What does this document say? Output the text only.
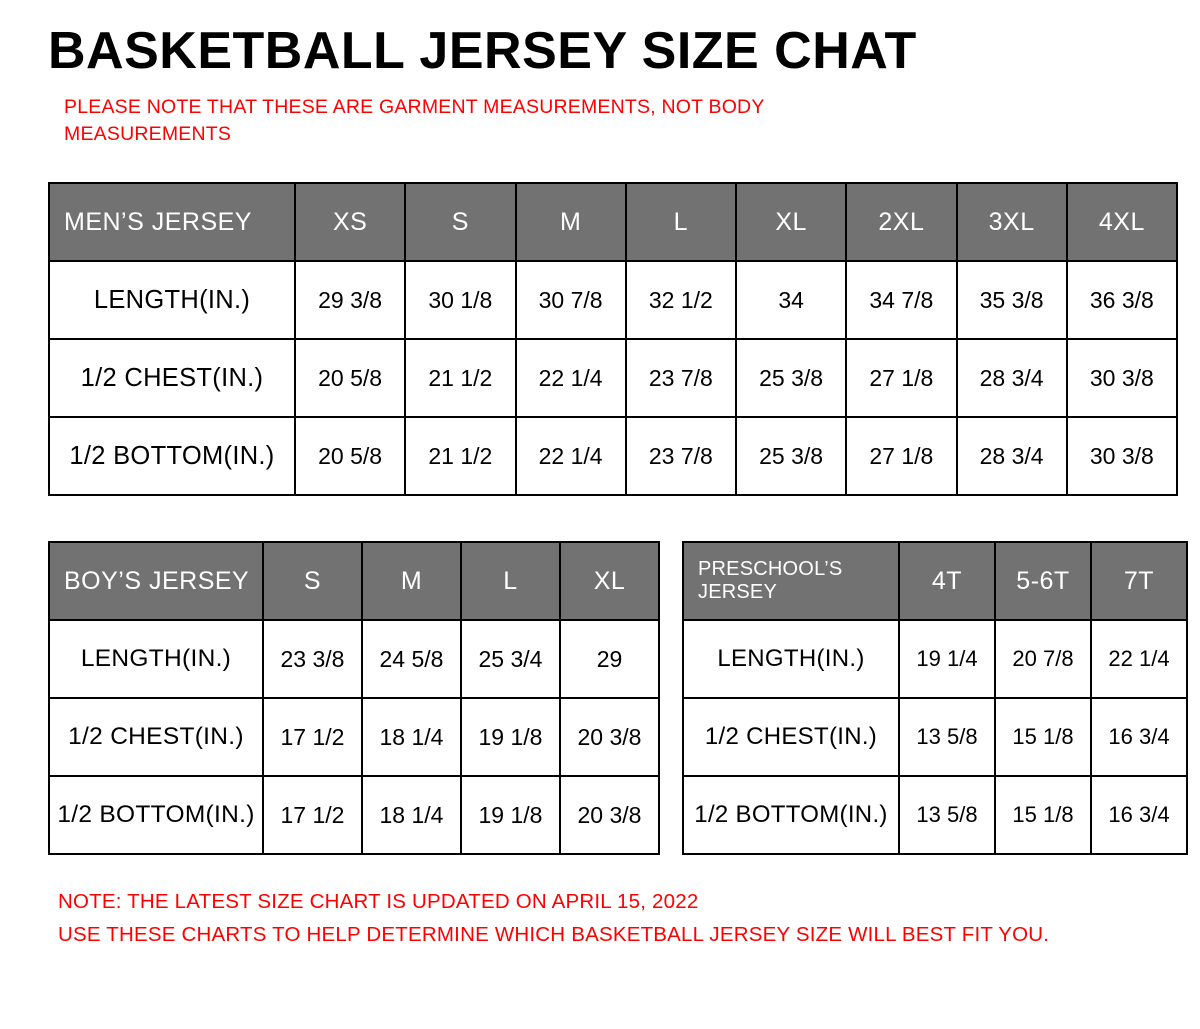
BASKETBALL JERSEY SIZE CHAT
PLEASE NOTE THAT THESE ARE GARMENT MEASUREMENTS, NOT BODY MEASUREMENTS
MEN’S JERSEY	XS	S	M	L	XL	2XL	3XL	4XL
LENGTH(IN.)	29 3/8	30 1/8	30 7/8	32 1/2	34	34 7/8	35 3/8	36 3/8
1/2 CHEST(IN.)	20 5/8	21 1/2	22 1/4	23 7/8	25 3/8	27 1/8	28 3/4	30 3/8
1/2 BOTTOM(IN.)	20 5/8	21 1/2	22 1/4	23 7/8	25 3/8	27 1/8	28 3/4	30 3/8
BOY’S JERSEY	S	M	L	XL
LENGTH(IN.)	23 3/8	24 5/8	25 3/4	29
1/2 CHEST(IN.)	17 1/2	18 1/4	19 1/8	20 3/8
1/2 BOTTOM(IN.)	17 1/2	18 1/4	19 1/8	20 3/8
PRESCHOOL’S JERSEY	4T	5-6T	7T
LENGTH(IN.)	19 1/4	20 7/8	22 1/4
1/2 CHEST(IN.)	13 5/8	15 1/8	16 3/4
1/2 BOTTOM(IN.)	13 5/8	15 1/8	16 3/4
NOTE: THE LATEST SIZE CHART IS UPDATED ON APRIL 15, 2022
USE THESE CHARTS TO HELP DETERMINE WHICH BASKETBALL JERSEY SIZE WILL BEST FIT YOU.
